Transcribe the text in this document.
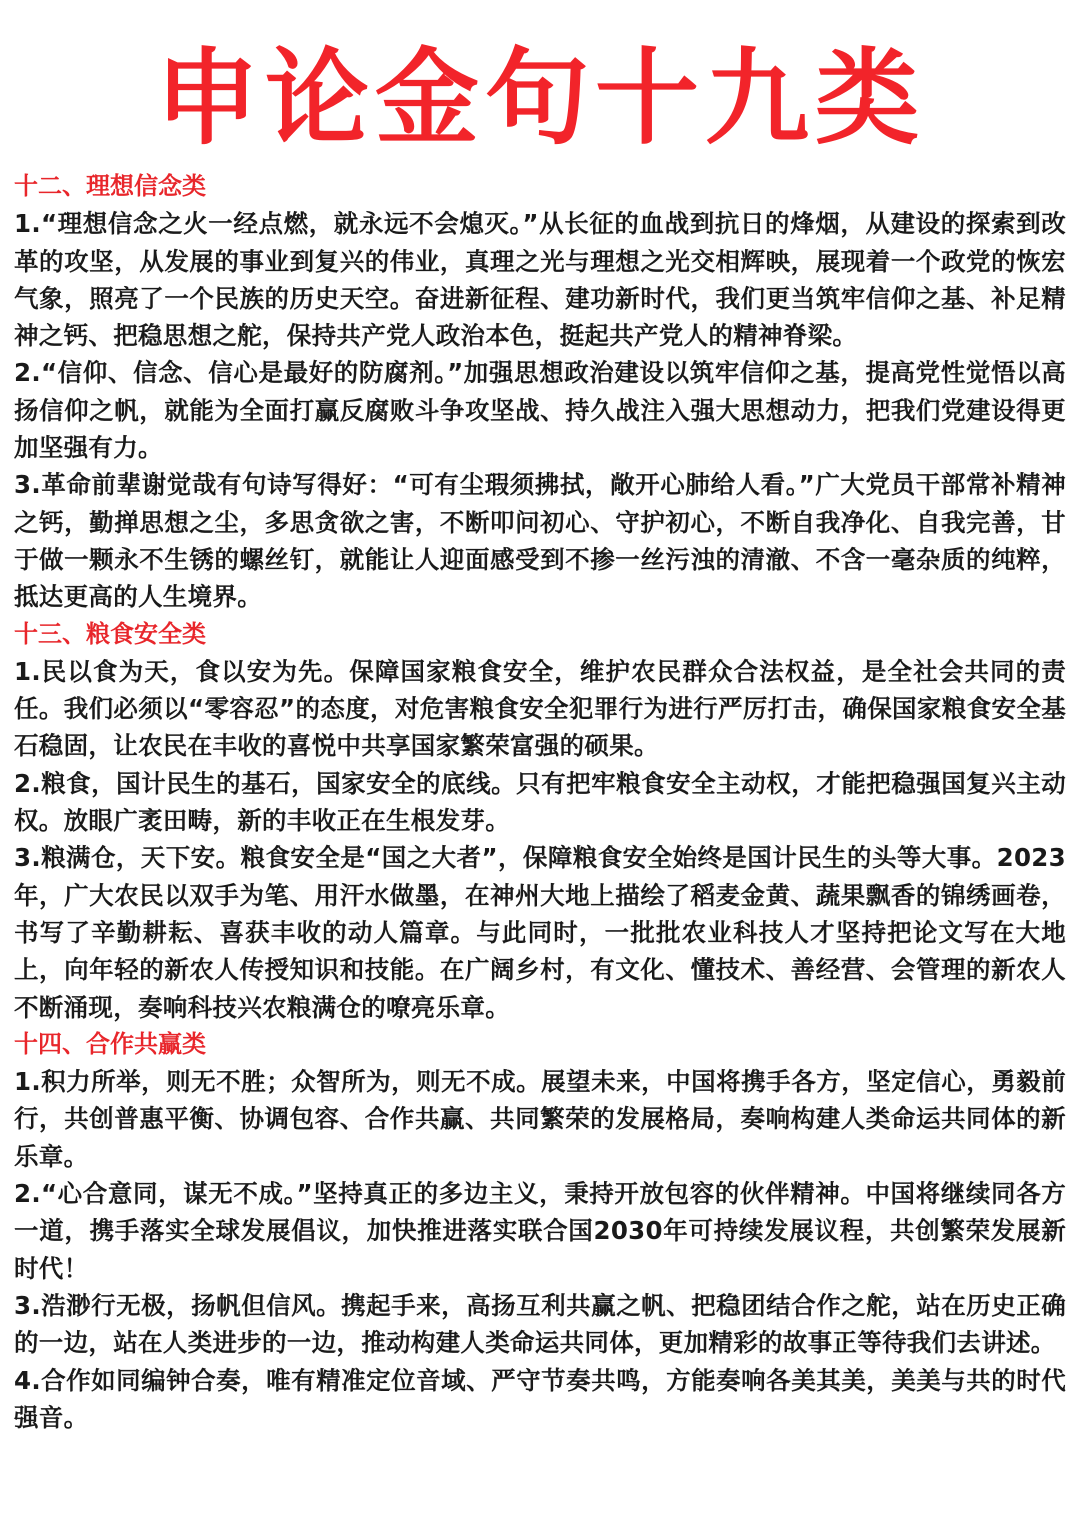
申论金句十九类

十二、理想信念类

1.“理想信念之火一经点燃，就永远不会熄灭。”从长征的血战到抗日的烽烟，从建设的探索到改革的攻坚，从发展的事业到复兴的伟业，真理之光与理想之光交相辉映，展现着一个政党的恢宏气象，照亮了一个民族的历史天空。奋进新征程、建功新时代，我们更当筑牢信仰之基、补足精神之钙、把稳思想之舵，保持共产党人政治本色，挺起共产党人的精神脊梁。

2.“信仰、信念、信心是最好的防腐剂。”加强思想政治建设以筑牢信仰之基，提高党性觉悟以高扬信仰之帆，就能为全面打赢反腐败斗争攻坚战、持久战注入强大思想动力，把我们党建设得更加坚强有力。

3.革命前辈谢觉哉有句诗写得好：“可有尘瑕须拂拭，敞开心肺给人看。”广大党员干部常补精神之钙，勤掸思想之尘，多思贪欲之害，不断叩问初心、守护初心，不断自我净化、自我完善，甘于做一颗永不生锈的螺丝钉，就能让人迎面感受到不掺一丝污浊的清澈、不含一毫杂质的纯粹，抵达更高的人生境界。

十三、粮食安全类

1.民以食为天，食以安为先。保障国家粮食安全，维护农民群众合法权益，是全社会共同的责任。我们必须以“零容忍”的态度，对危害粮食安全犯罪行为进行严厉打击，确保国家粮食安全基石稳固，让农民在丰收的喜悦中共享国家繁荣富强的硕果。

2.粮食，国计民生的基石，国家安全的底线。只有把牢粮食安全主动权，才能把稳强国复兴主动权。放眼广袤田畴，新的丰收正在生根发芽。

3.粮满仓，天下安。粮食安全是“国之大者”，保障粮食安全始终是国计民生的头等大事。2023年，广大农民以双手为笔、用汗水做墨，在神州大地上描绘了稻麦金黄、蔬果飘香的锦绣画卷，书写了辛勤耕耘、喜获丰收的动人篇章。与此同时，一批批农业科技人才坚持把论文写在大地上，向年轻的新农人传授知识和技能。在广阔乡村，有文化、懂技术、善经营、会管理的新农人不断涌现，奏响科技兴农粮满仓的嘹亮乐章。

十四、合作共赢类

1.积力所举，则无不胜；众智所为，则无不成。展望未来，中国将携手各方，坚定信心，勇毅前行，共创普惠平衡、协调包容、合作共赢、共同繁荣的发展格局，奏响构建人类命运共同体的新乐章。

2.“心合意同，谋无不成。”坚持真正的多边主义，秉持开放包容的伙伴精神。中国将继续同各方一道，携手落实全球发展倡议，加快推进落实联合国2030年可持续发展议程，共创繁荣发展新时代！

3.浩渺行无极，扬帆但信风。携起手来，高扬互利共赢之帆、把稳团结合作之舵，站在历史正确的一边，站在人类进步的一边，推动构建人类命运共同体，更加精彩的故事正等待我们去讲述。

4.合作如同编钟合奏，唯有精准定位音域、严守节奏共鸣，方能奏响各美其美，美美与共的时代强音。
